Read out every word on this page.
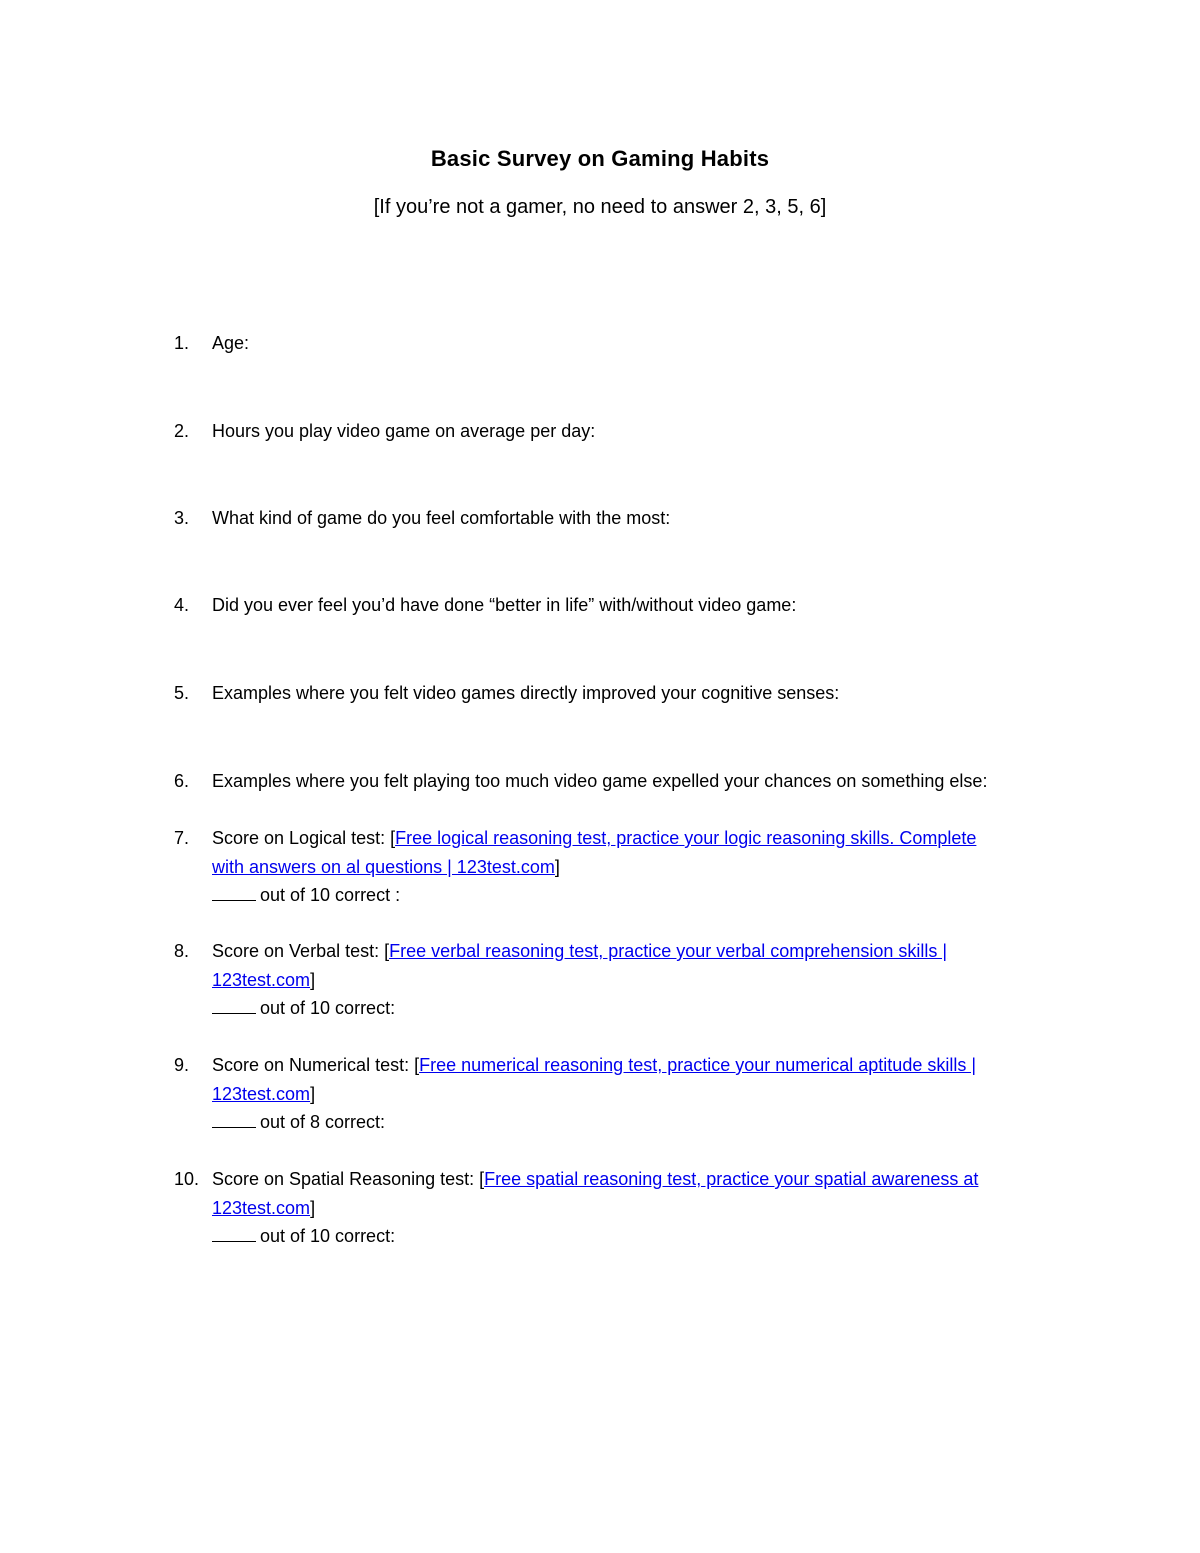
Basic Survey on Gaming Habits
[If you’re not a gamer, no need to answer 2, 3, 5, 6]
1.	Age:
2.	Hours you play video game on average per day:
3.	What kind of game do you feel comfortable with the most:
4.	Did you ever feel you’d have done “better in life” with/without video game:
5.	Examples where you felt video games directly improved your cognitive senses:
6.	Examples where you felt playing too much video game expelled your chances on something else:
7.	Score on Logical test: [Free logical reasoning test, practice your logic reasoning skills. Complete
with answers on al questions | 123test.com]
out of 10 correct :
8.	Score on Verbal test: [Free verbal reasoning test, practice your verbal comprehension skills |
123test.com]
out of 10 correct:
9.	Score on Numerical test: [Free numerical reasoning test, practice your numerical aptitude skills |
123test.com]
out of 8 correct:
10. Score on Spatial Reasoning test: [Free spatial reasoning test, practice your spatial awareness at
123test.com]
out of 10 correct:
